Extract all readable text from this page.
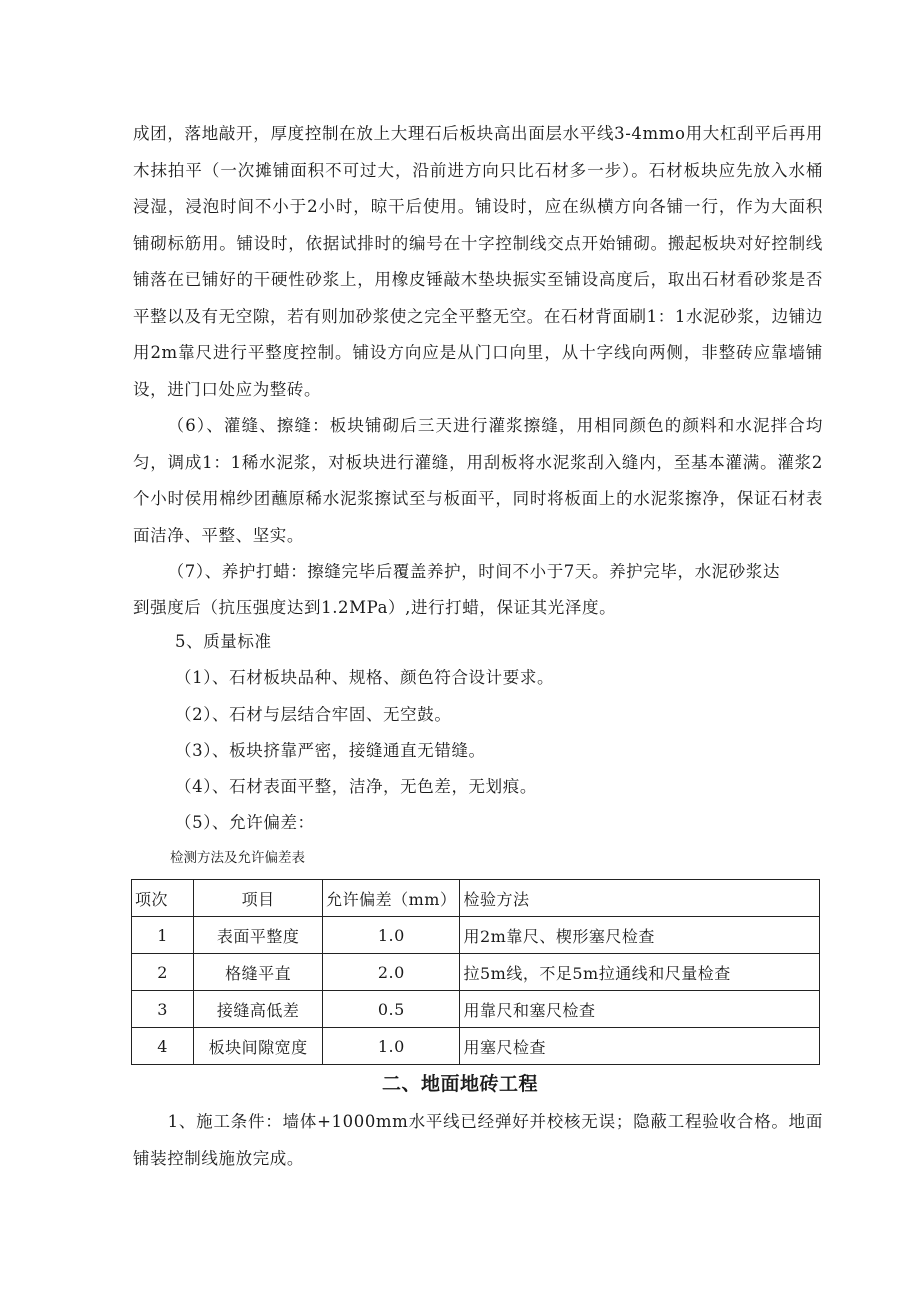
成团，落地敲开，厚度控制在放上大理石后板块高出面层水平线3-4mmo用大杠刮平后再用木抹拍平（一次摊铺面积不可过大，沿前进方向只比石材多一步）。石材板块应先放入水桶浸湿，浸泡时间不小于2小时，晾干后使用。铺设时，应在纵横方向各铺一行，作为大面积铺砌标筋用。铺设时，依据试排时的编号在十字控制线交点开始铺砌。搬起板块对好控制线铺落在已铺好的干硬性砂浆上，用橡皮锤敲木垫块振实至铺设高度后，取出石材看砂浆是否平整以及有无空隙，若有则加砂浆使之完全平整无空。在石材背面刷1：1水泥砂浆，边铺边用2m靠尺进行平整度控制。铺设方向应是从门口向里，从十字线向两侧，非整砖应靠墙铺设，进门口处应为整砖。

（6）、灌缝、擦缝：板块铺砌后三天进行灌浆擦缝，用相同颜色的颜料和水泥拌合均匀，调成1：1稀水泥浆，对板块进行灌缝，用刮板将水泥浆刮入缝内，至基本灌满。灌浆2个小时侯用棉纱团蘸原稀水泥浆擦试至与板面平，同时将板面上的水泥浆擦净，保证石材表面洁净、平整、坚实。

（7）、养护打蜡：擦缝完毕后覆盖养护，时间不小于7天。养护完毕，水泥砂浆达

到强度后（抗压强度达到1.2MPa）,进行打蜡，保证其光泽度。

5、质量标准

（1）、石材板块品种、规格、颜色符合设计要求。

（2）、石材与层结合牢固、无空鼓。

（3）、板块挤靠严密，接缝通直无错缝。

（4）、石材表面平整，洁净，无色差，无划痕。

（5）、允许偏差：

检测方法及允许偏差表

项次	项目	允许偏差（mm）	检验方法
1	表面平整度	1.0	用2m靠尺、楔形塞尺检查
2	格缝平直	2.0	拉5m线，不足5m拉通线和尺量检查
3	接缝高低差	0.5	用靠尺和塞尺检查
4	板块间隙宽度	1.0	用塞尺检查

二、地面地砖工程

1、施工条件：墙体+1000mm水平线已经弹好并校核无误；隐蔽工程验收合格。地面铺装控制线施放完成。
